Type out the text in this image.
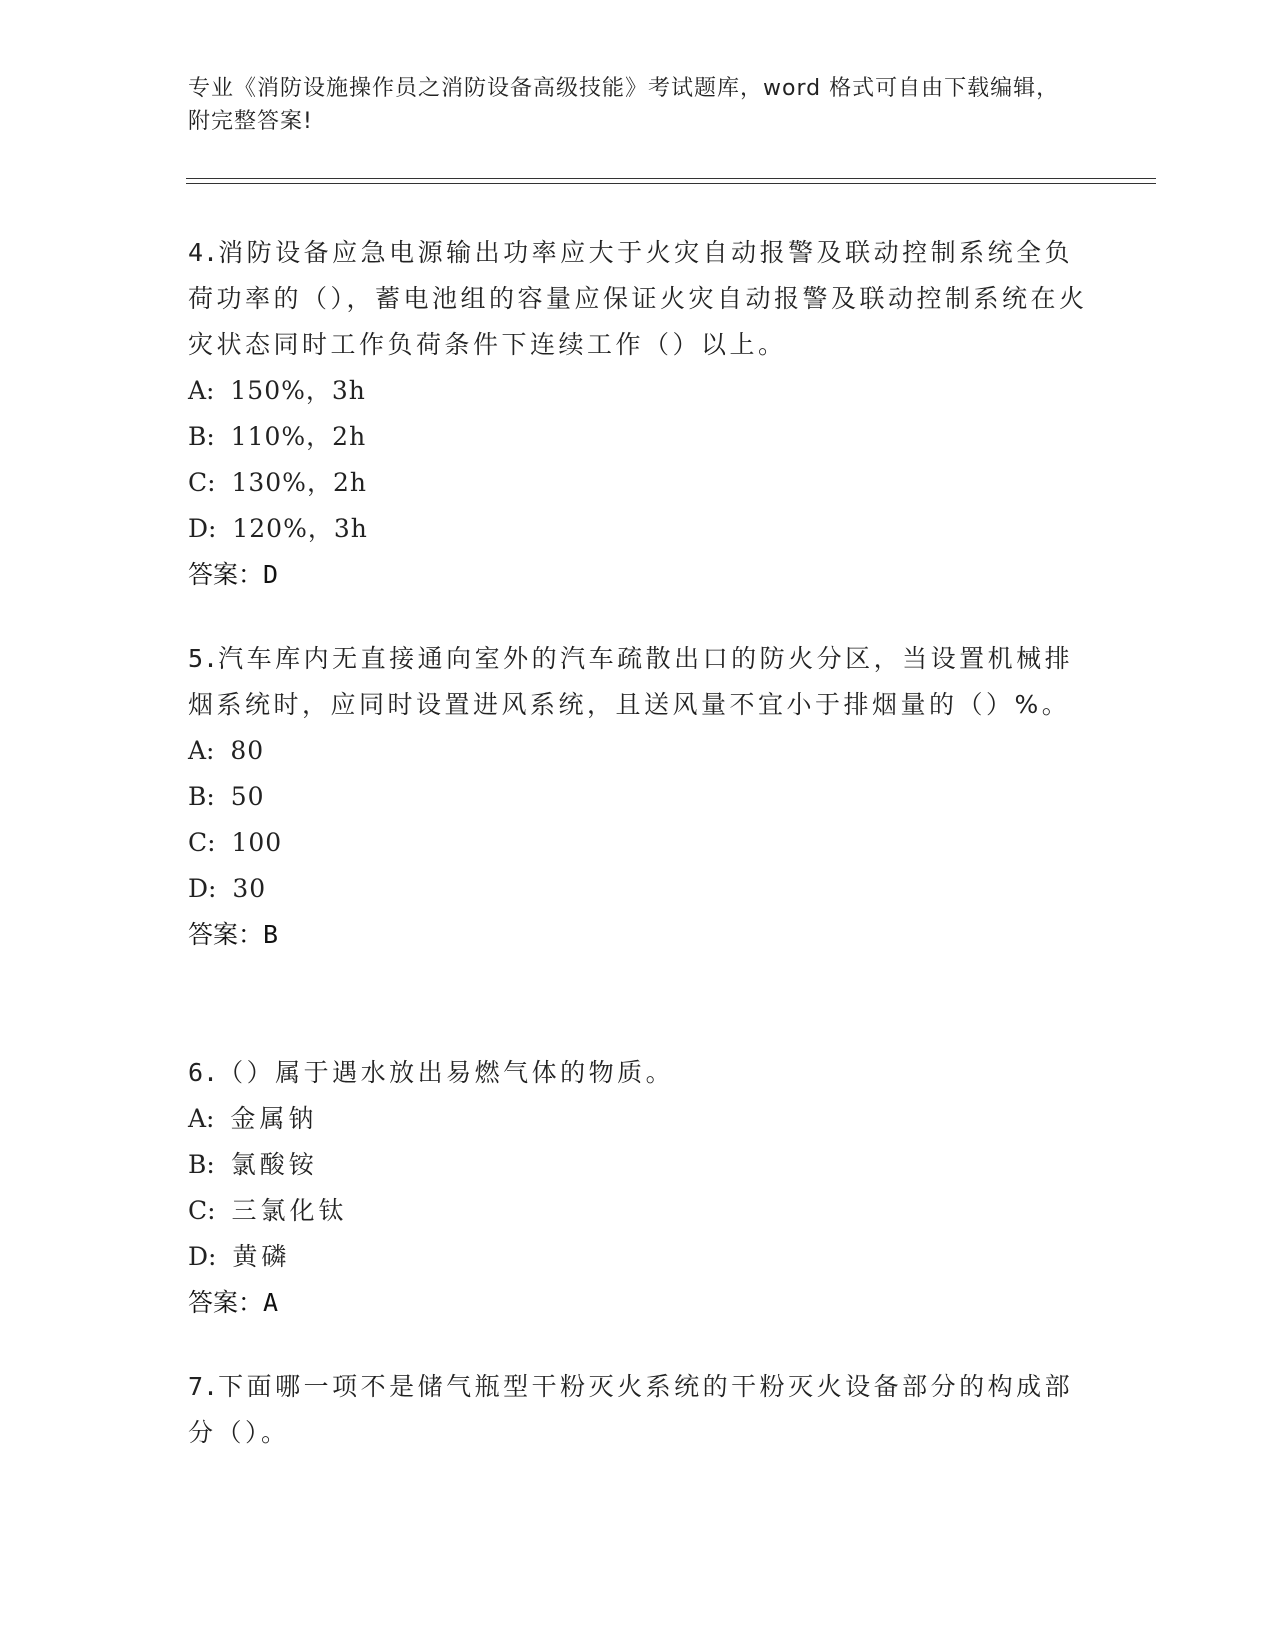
专业《消防设施操作员之消防设备高级技能》考试题库，word 格式可自由下载编辑，附完整答案!
4.消防设备应急电源输出功率应大于火灾自动报警及联动控制系统全负荷功率的（），蓄电池组的容量应保证火灾自动报警及联动控制系统在火灾状态同时工作负荷条件下连续工作（）以上。
A: 150%，3h
B: 110%，2h
C: 130%，2h
D: 120%，3h
答案：D
5.汽车库内无直接通向室外的汽车疏散出口的防火分区，当设置机械排烟系统时，应同时设置进风系统，且送风量不宜小于排烟量的（）%。
A: 80
B: 50
C: 100
D: 30
答案：B
6.（）属于遇水放出易燃气体的物质。
A: 金属钠
B: 氯酸铵
C: 三氯化钛
D: 黄磷
答案：A
7.下面哪一项不是储气瓶型干粉灭火系统的干粉灭火设备部分的构成部分（）。
